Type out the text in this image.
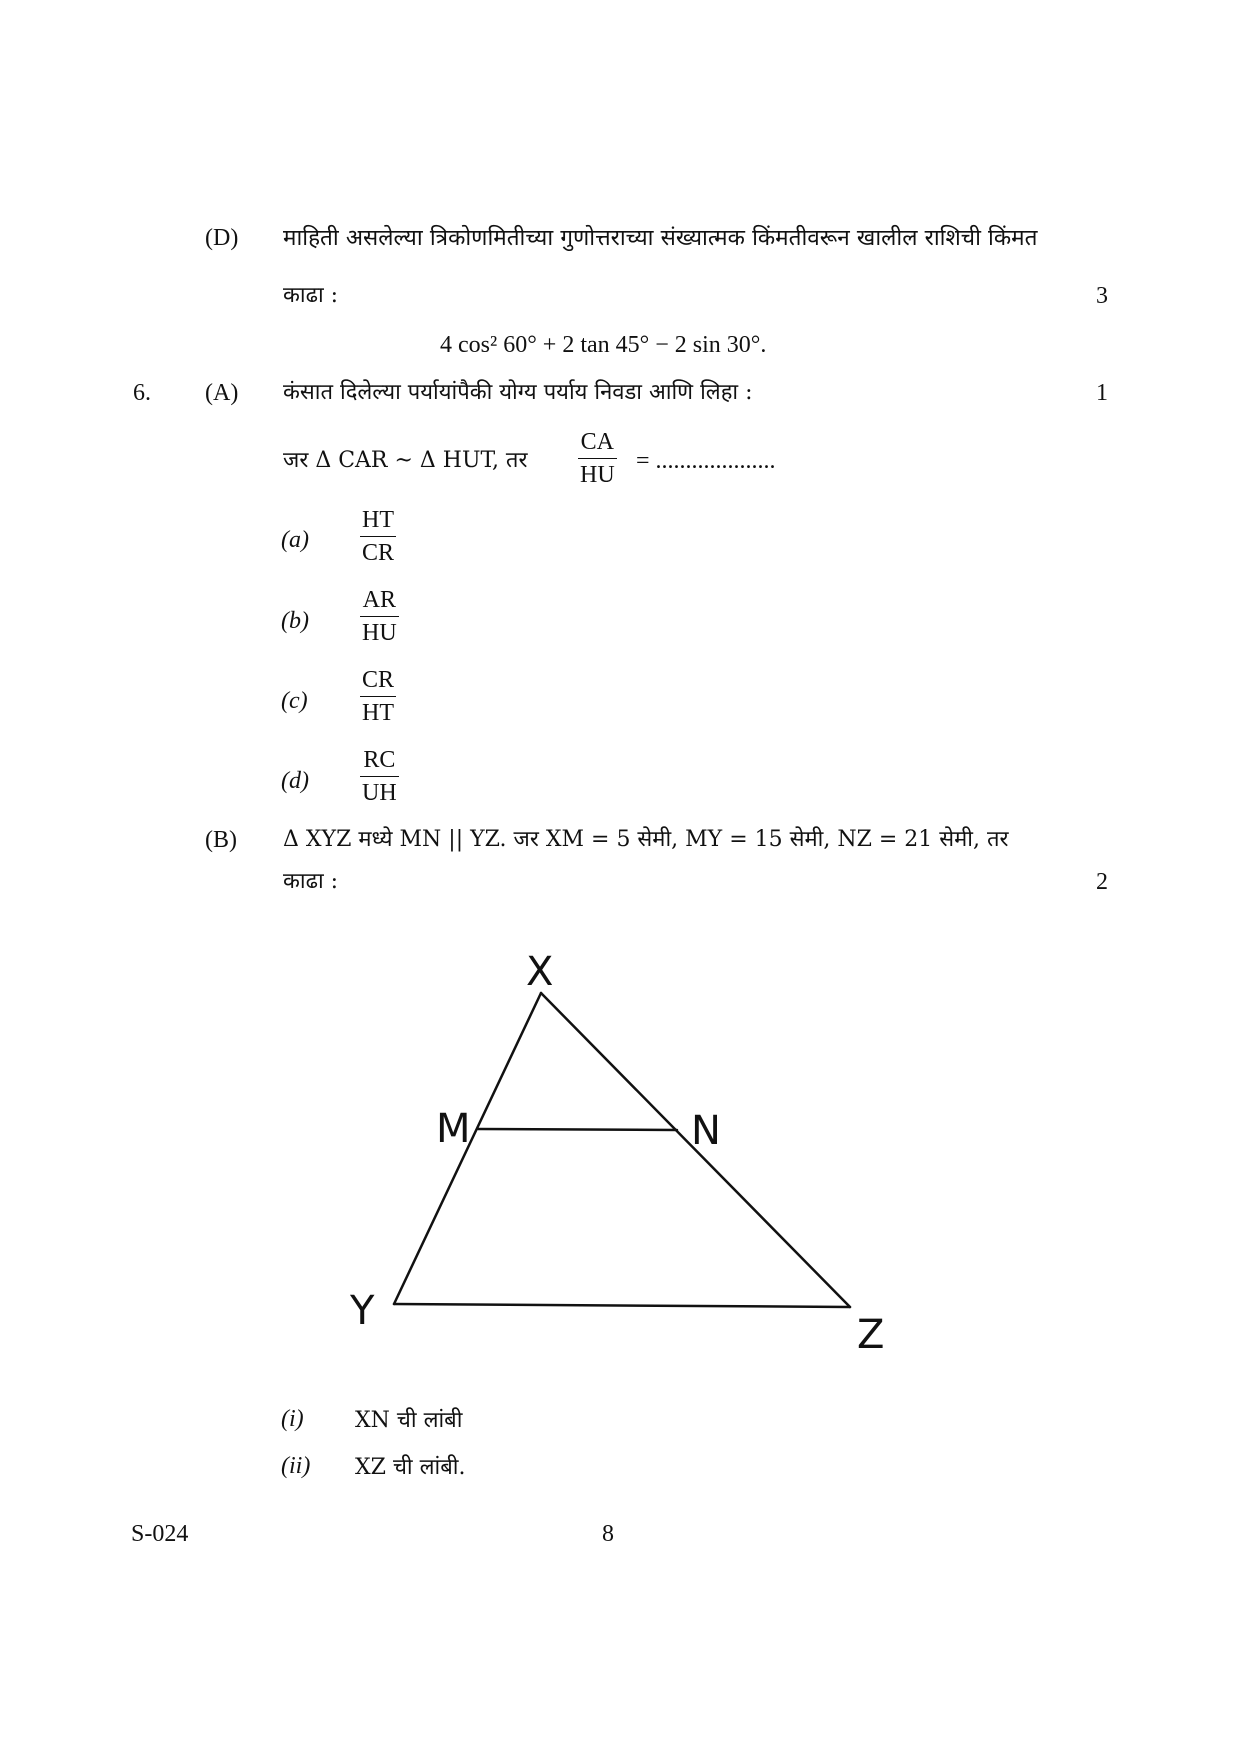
(D) माहिती असलेल्या त्रिकोणमितीच्या गुणोत्तराच्या संख्यात्मक किंमतीवरून खालील राशिची किंमत
काढा :	3
4 cos² 60° + 2 tan 45° − 2 sin 30°.
6. (A) कंसात दिलेल्या पर्यायांपैकी योग्य पर्याय निवडा आणि लिहा :	1
जर Δ CAR ~ Δ HUT, तर
CA
HU
= ....................
(a)
HT
CR
(b)
AR
HU
(c)
CR
HT
(d)
RC
UH
(B) Δ XYZ मध्ये MN || YZ. जर XM = 5 सेमी, MY = 15 सेमी, NZ = 21 सेमी, तर
काढा :	2
X
M	N
Y
Z
(i) XN ची लांबी
(ii) XZ ची लांबी.
S-024	8
